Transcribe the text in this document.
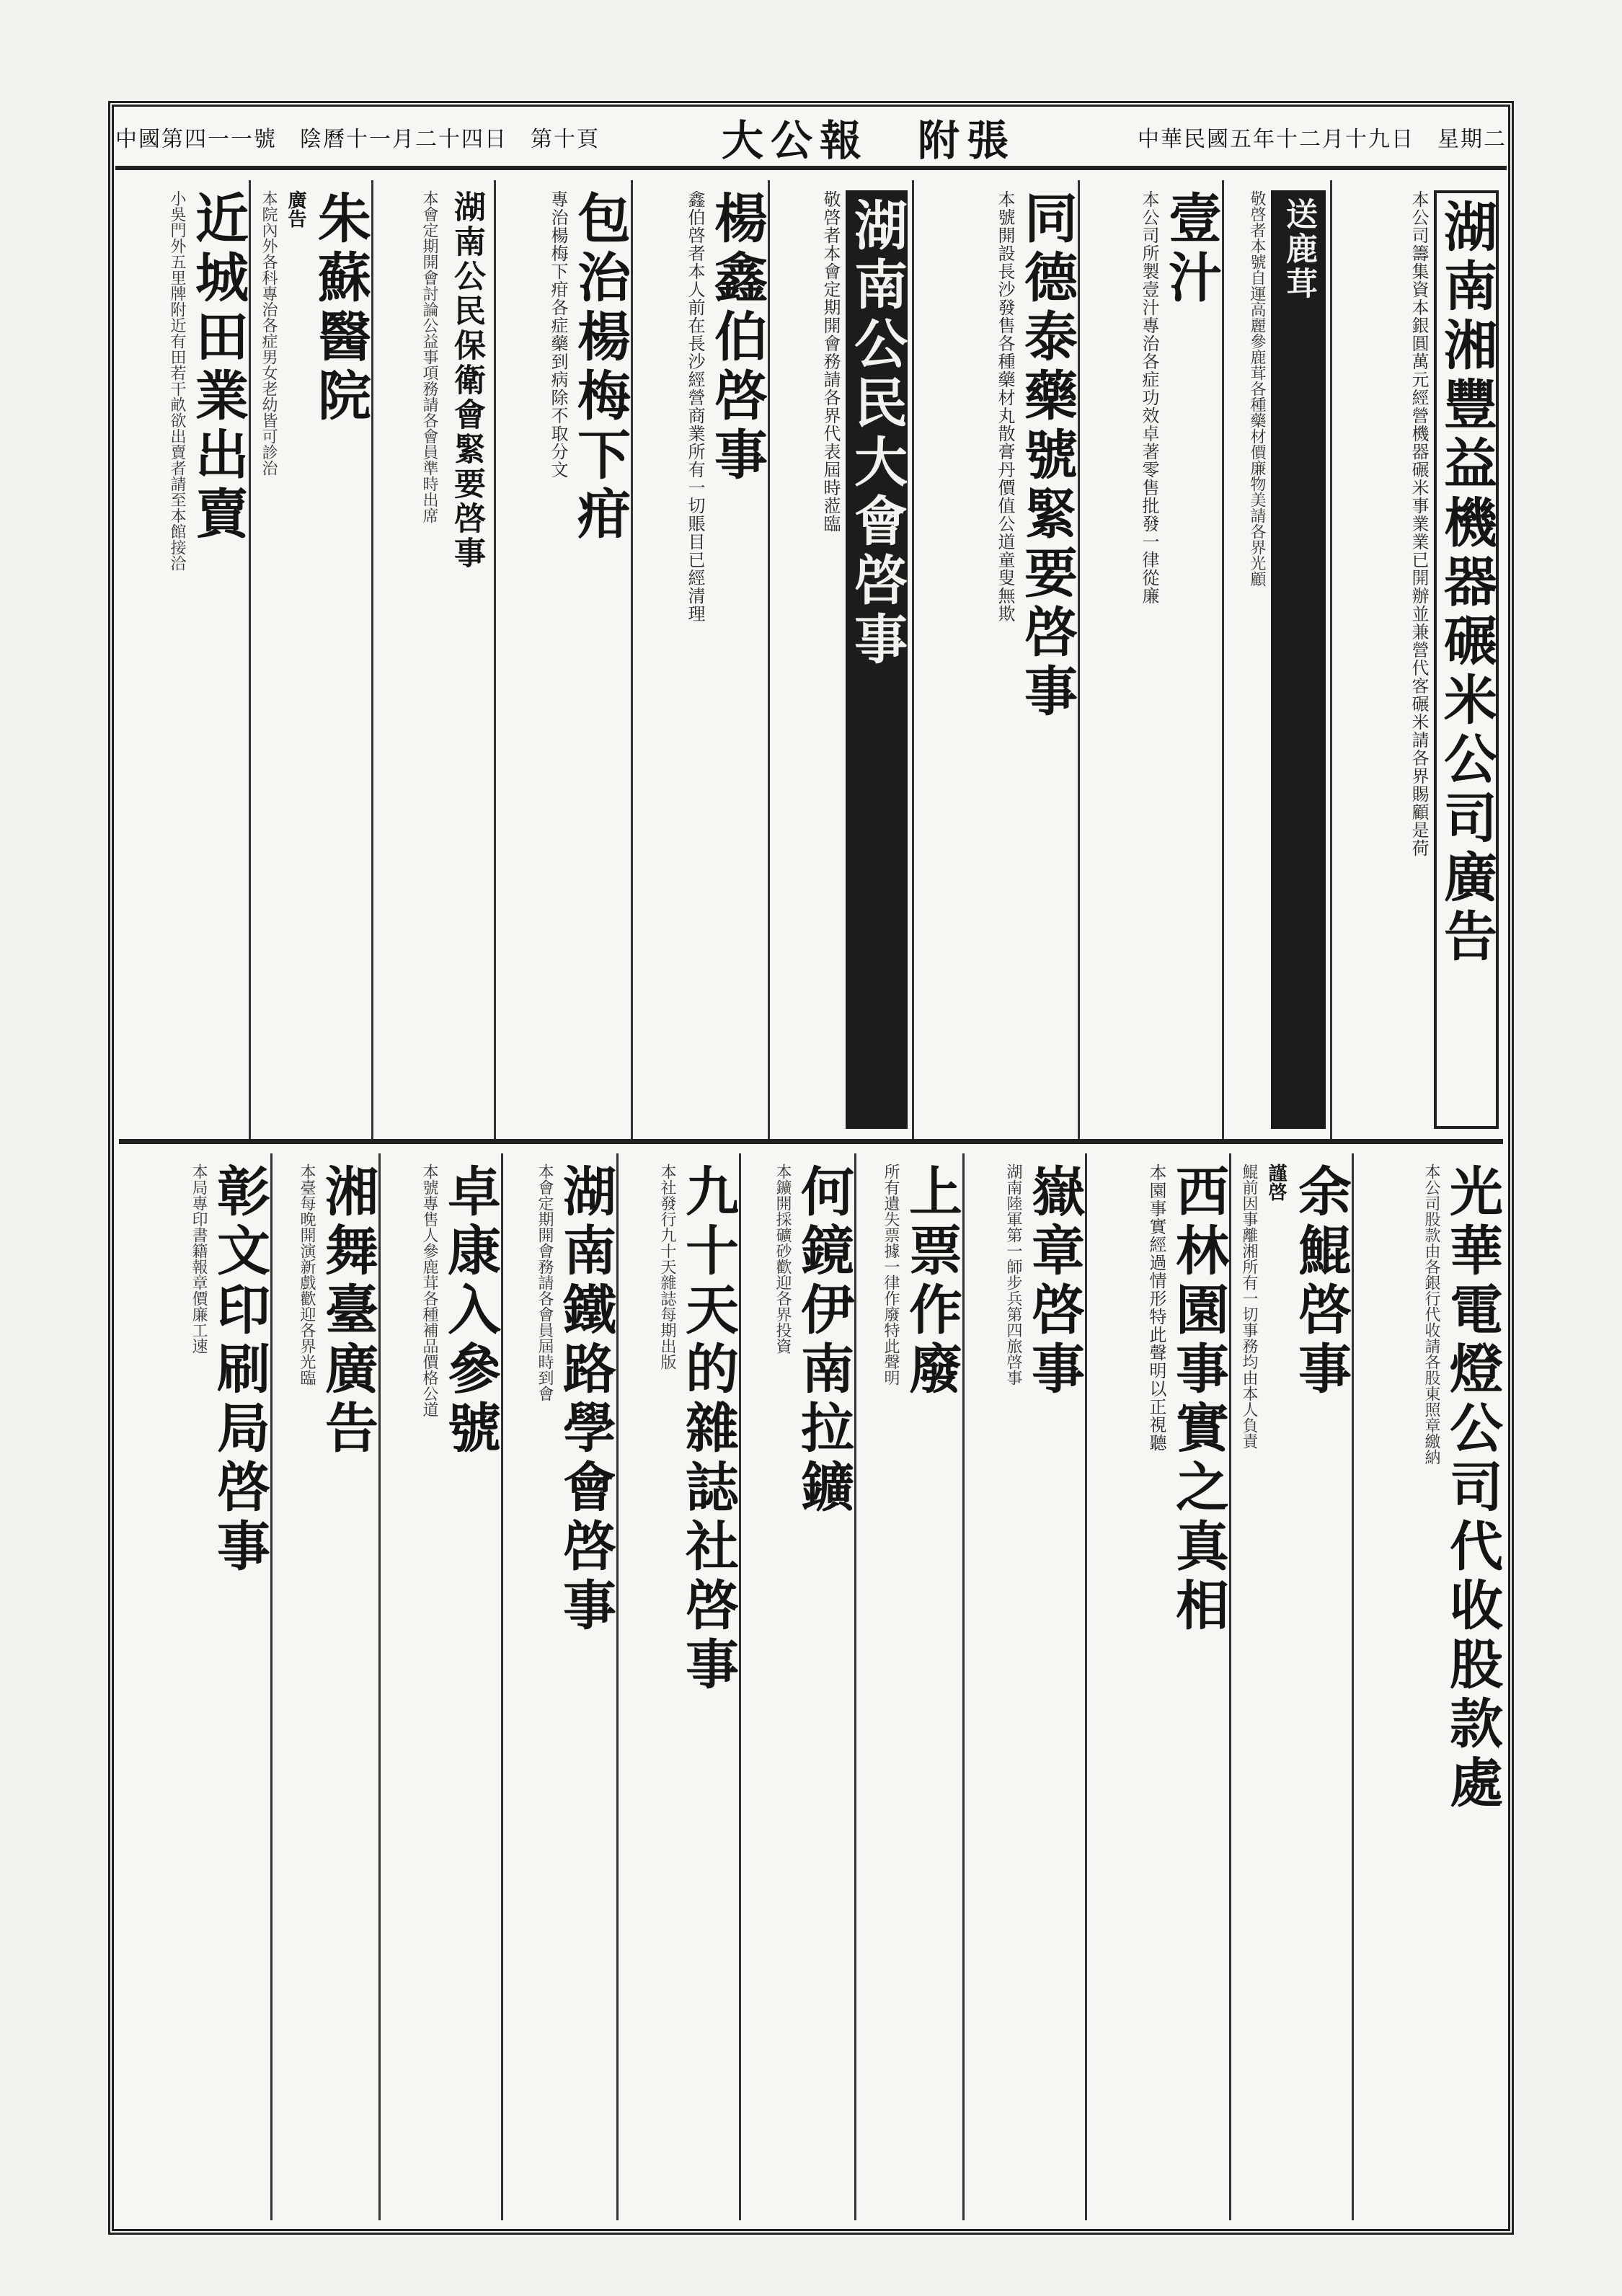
中國第四一一號　陰曆十一月二十四日　第十頁	大公報　附張	中華民國五年十二月十九日　星期二
湖南湘豐益機器碾米公司廣告
本公司籌集資本銀圓萬元經營機器碾米事業業已開辦並兼營代客碾米請各界賜顧是荷
送鹿茸
敬啓者本號自運高麗參鹿茸各種藥材價廉物美請各界光顧
壹汁
本公司所製壹汁專治各症功效卓著零售批發一律從廉
同德泰藥號緊要啓事
本號開設長沙發售各種藥材丸散膏丹價值公道童叟無欺
湖南公民大會啓事
敬啓者本會定期開會務請各界代表屆時蒞臨
楊鑫伯啓事
鑫伯啓者本人前在長沙經營商業所有一切賬目已經清理
包治楊梅下疳
專治楊梅下疳各症藥到病除不取分文
湖南公民保衛會緊要啓事
本會定期開會討論公益事項務請各會員準時出席
朱蘇醫院
廣告
本院內外各科專治各症男女老幼皆可診治
近城田業出賣
小吳門外五里牌附近有田若干畝欲出賣者請至本館接洽
光華電燈公司代收股款處
本公司股款由各銀行代收請各股東照章繳納
余鯤啓事
謹啓
鯤前因事離湘所有一切事務均由本人負責
西林園事實之真相
本園事實經過情形特此聲明以正視聽
嶽章啓事
湖南陸軍第一師步兵第四旅啓事
上票作廢
所有遺失票據一律作廢特此聲明
何鏡伊南拉鑛
本鑛開採礦砂歡迎各界投資
九十天的雜誌社啓事
本社發行九十天雜誌每期出版
湖南鐵路學會啓事
本會定期開會務請各會員屆時到會
卓康入參號
本號專售人參鹿茸各種補品價格公道
湘舞臺廣告
本臺每晚開演新戲歡迎各界光臨
彰文印刷局啓事
本局專印書籍報章價廉工速
